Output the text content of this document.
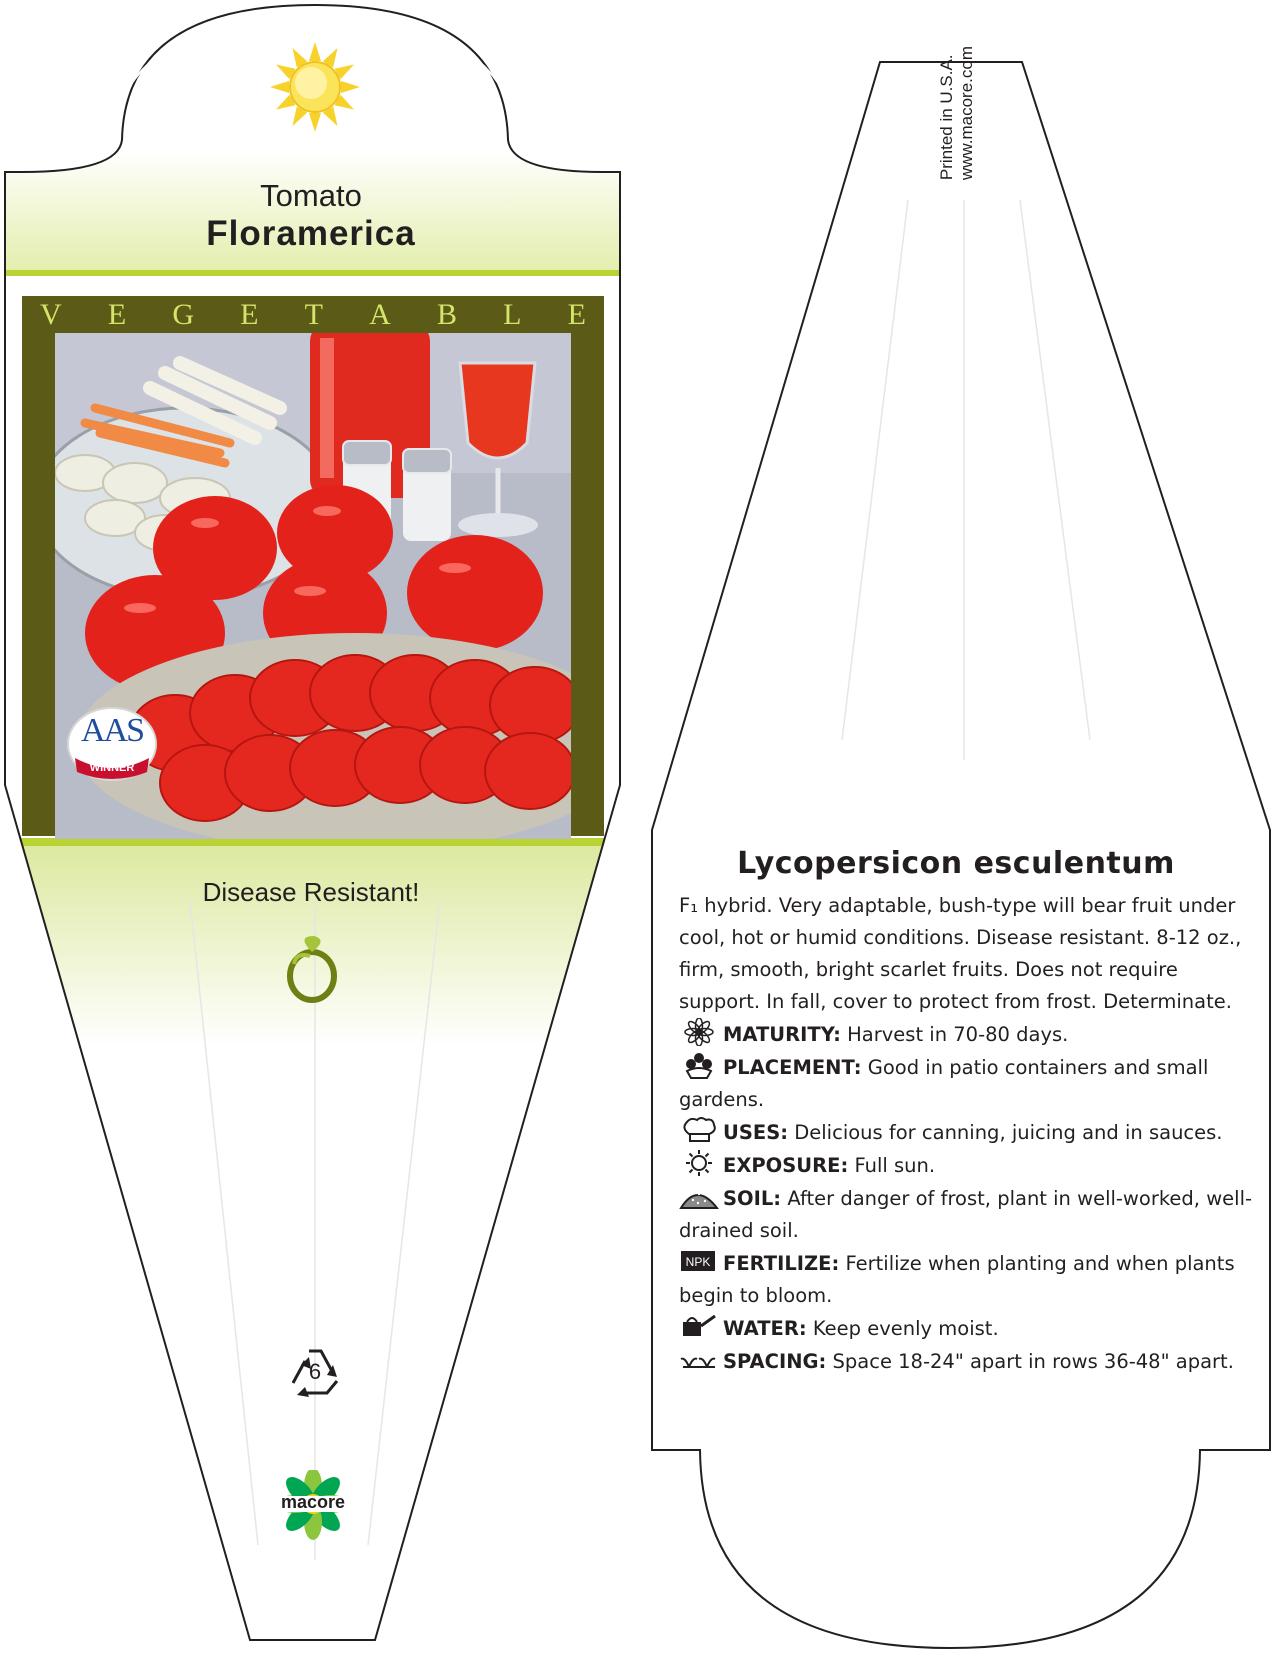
Tomato
Floramerica
V E G E T A B L E
AAS
WINNER
Disease Resistant!
6
macore
Printed in U.S.A. www.macore.com
Lycopersicon esculentum
F₁ hybrid. Very adaptable, bush-type will bear fruit under cool, hot or humid conditions. Disease resistant. 8-12 oz., firm, smooth, bright scarlet fruits. Does not require support. In fall, cover to protect from frost. Determinate.
MATURITY: Harvest in 70-80 days.
PLACEMENT: Good in patio containers and small gardens.
USES: Delicious for canning, juicing and in sauces.
EXPOSURE: Full sun.
SOIL: After danger of frost, plant in well-worked, well-drained soil.
NPK FERTILIZE: Fertilize when planting and when plants begin to bloom.
WATER: Keep evenly moist.
SPACING: Space 18-24" apart in rows 36-48" apart.
